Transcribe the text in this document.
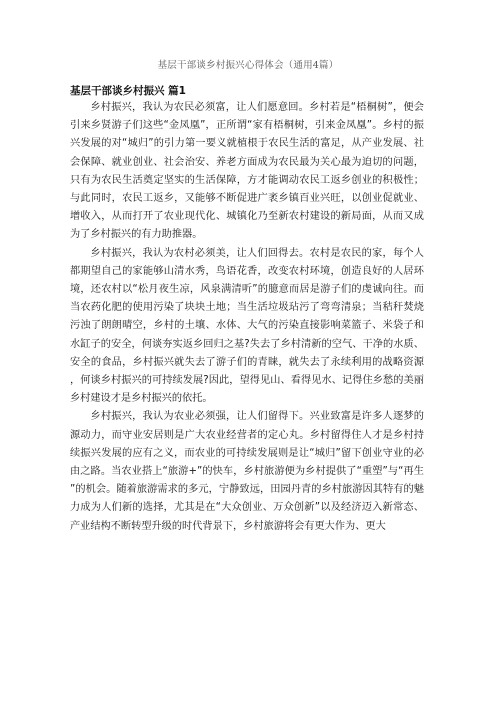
基层干部谈乡村振兴心得体会（通用4篇）
基层干部谈乡村振兴 篇1

乡村振兴，我认为农民必须富，让人们愿意回。乡村若是“梧桐树”，便会引来乡贤游子们这些“金凤凰”，正所谓“家有梧桐树，引来金凤凰”。乡村的振兴发展的对“城归”的引力第一要义就植根于农民生活的富足，从产业发展、社会保障、就业创业、社会治安、养老方面成为农民最为关心最为迫切的问题，只有为农民生活奠定坚实的生活保障，方才能调动农民工返乡创业的积极性；与此同时，农民工返乡，又能够不断促进广袤乡镇百业兴旺，以创业促就业、增收入，从而打开了农业现代化、城镇化乃至新农村建设的新局面，从而又成为了乡村振兴的有力助推器。

乡村振兴，我认为农村必须美，让人们回得去。农村是农民的家，每个人都期望自己的家能够山清水秀，鸟语花香，改变农村环境，创造良好的人居环境，还农村以“松月夜生凉，风泉满清听”的臆意而居是游子们的虔诚向往。而当农药化肥的使用污染了块块土地；当生活垃圾玷污了弯弯清泉；当秸秆焚烧污浊了朗朗晴空，乡村的土壤、水体、大气的污染直接影响菜篮子、米袋子和水缸子的安全，何谈夯实返乡回归之基?失去了乡村清新的空气、干净的水质、安全的食品，乡村振兴就失去了游子们的青睐，就失去了永续利用的战略资源，何谈乡村振兴的可持续发展?因此，望得见山、看得见水、记得住乡愁的美丽乡村建设才是乡村振兴的依托。

乡村振兴，我认为农业必须强，让人们留得下。兴业致富是许多人逐梦的源动力，而守业安居则是广大农业经营者的定心丸。乡村留得住人才是乡村持续振兴发展的应有之义，而农业的可持续发展则是让“城归”留下创业守业的必由之路。当农业搭上“旅游+”的快车，乡村旅游便为乡村提供了“重塑”与“再生”的机会。随着旅游需求的多元，宁静致远，田园丹青的乡村旅游因其特有的魅力成为人们新的选择，尤其是在“大众创业、万众创新”以及经济迈入新常态、产业结构不断转型升级的时代背景下，乡村旅游将会有更大作为、更大
